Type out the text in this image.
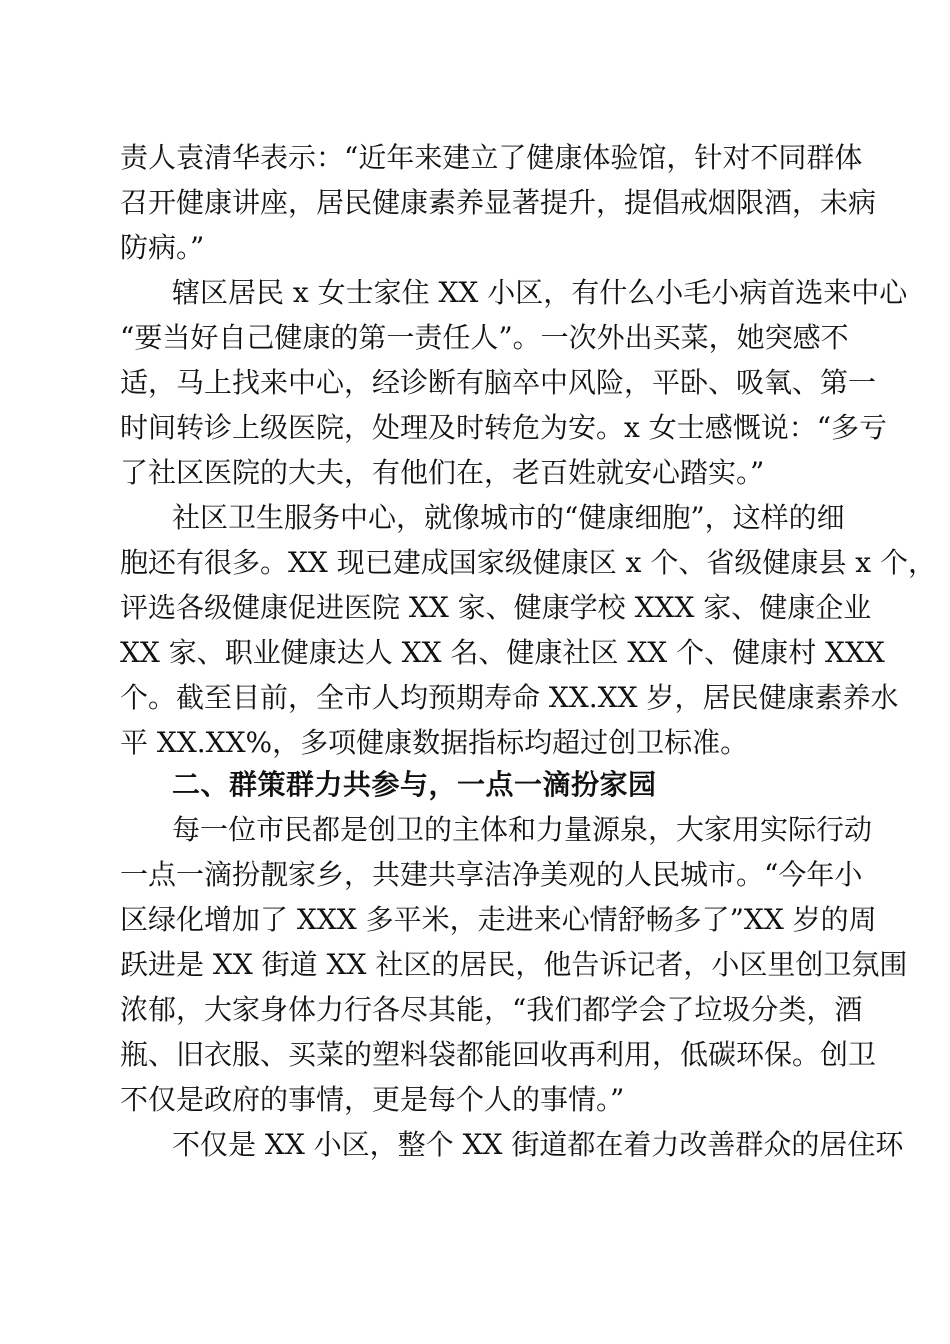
责人袁清华表示：“近年来建立了健康体验馆，针对不同群体
召开健康讲座，居民健康素养显著提升，提倡戒烟限酒，未病
防病。”
辖区居民 x 女士家住 XX 小区，有什么小毛小病首选来中心
“要当好自己健康的第一责任人”。一次外出买菜，她突感不
适，马上找来中心，经诊断有脑卒中风险，平卧、吸氧、第一
时间转诊上级医院，处理及时转危为安。x 女士感慨说：“多亏
了社区医院的大夫，有他们在，老百姓就安心踏实。”
社区卫生服务中心，就像城市的“健康细胞”，这样的细
胞还有很多。XX 现已建成国家级健康区 x 个、省级健康县 x 个，
评选各级健康促进医院 XX 家、健康学校 XXX 家、健康企业
XX 家、职业健康达人 XX 名、健康社区 XX 个、健康村 XXX
个。截至目前，全市人均预期寿命 XX.XX 岁，居民健康素养水
平 XX.XX%，多项健康数据指标均超过创卫标准。
二、群策群力共参与，一点一滴扮家园
每一位市民都是创卫的主体和力量源泉，大家用实际行动
一点一滴扮靓家乡，共建共享洁净美观的人民城市。“今年小
区绿化增加了 XXX 多平米，走进来心情舒畅多了”XX 岁的周
跃进是 XX 街道 XX 社区的居民，他告诉记者，小区里创卫氛围
浓郁，大家身体力行各尽其能，“我们都学会了垃圾分类，酒
瓶、旧衣服、买菜的塑料袋都能回收再利用，低碳环保。创卫
不仅是政府的事情，更是每个人的事情。”
不仅是 XX 小区，整个 XX 街道都在着力改善群众的居住环
